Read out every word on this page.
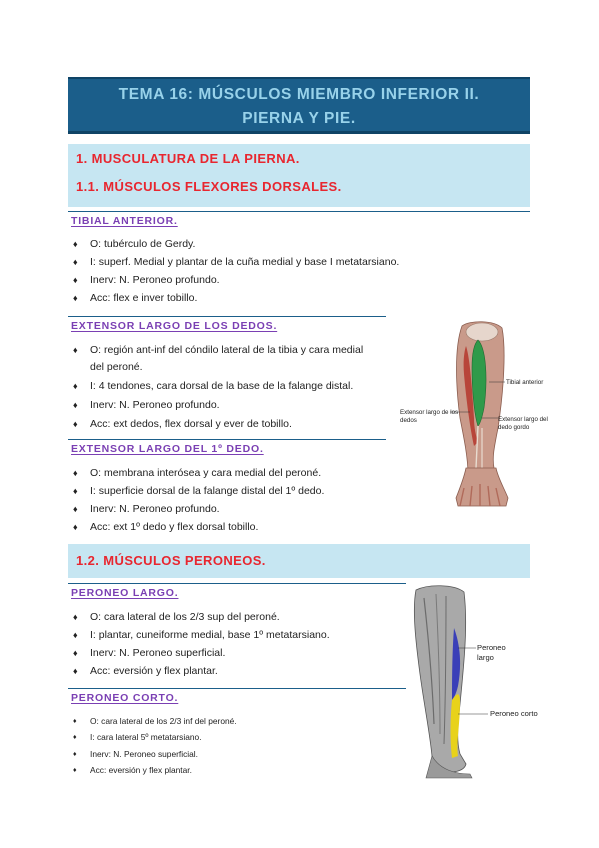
TEMA 16: MÚSCULOS MIEMBRO INFERIOR II.
PIERNA Y PIE.
1. MUSCULATURA DE LA PIERNA.
1.1. MÚSCULOS FLEXORES DORSALES.
TIBIAL ANTERIOR.
♦ O: tubérculo de Gerdy.
♦ I: superf. Medial y plantar de la cuña medial y base I metatarsiano.
♦ Inerv: N. Peroneo profundo.
♦ Acc: flex e inver tobillo.
EXTENSOR LARGO DE LOS DEDOS.
♦ O: región ant-inf del cóndilo lateral de la tibia y cara medial del peroné.
♦ I: 4 tendones, cara dorsal de la base de la falange distal.
♦ Inerv: N. Peroneo profundo.
♦ Acc: ext dedos, flex dorsal y ever de tobillo.
EXTENSOR LARGO DEL 1º DEDO.
♦ O: membrana interósea y cara medial del peroné.
♦ I: superficie dorsal de la falange distal del 1º dedo.
♦ Inerv: N. Peroneo profundo.
♦ Acc: ext 1º dedo y flex dorsal tobillo.
1.2. MÚSCULOS PERONEOS.
PERONEO LARGO.
♦ O: cara lateral de los 2/3 sup del peroné.
♦ I: plantar, cuneiforme medial, base 1º metatarsiano.
♦ Inerv: N. Peroneo superficial.
♦ Acc: eversión y flex plantar.
PERONEO CORTO.
♦ O: cara lateral de los 2/3 inf del peroné.
♦ I: cara lateral 5º metatarsiano.
♦ Inerv: N. Peroneo superficial.
♦ Acc: eversión y flex plantar.
Tibial anterior
Extensor largo de los
dedos	Extensor largo del
dedo gordo
Peroneo
largo
Peroneo corto
